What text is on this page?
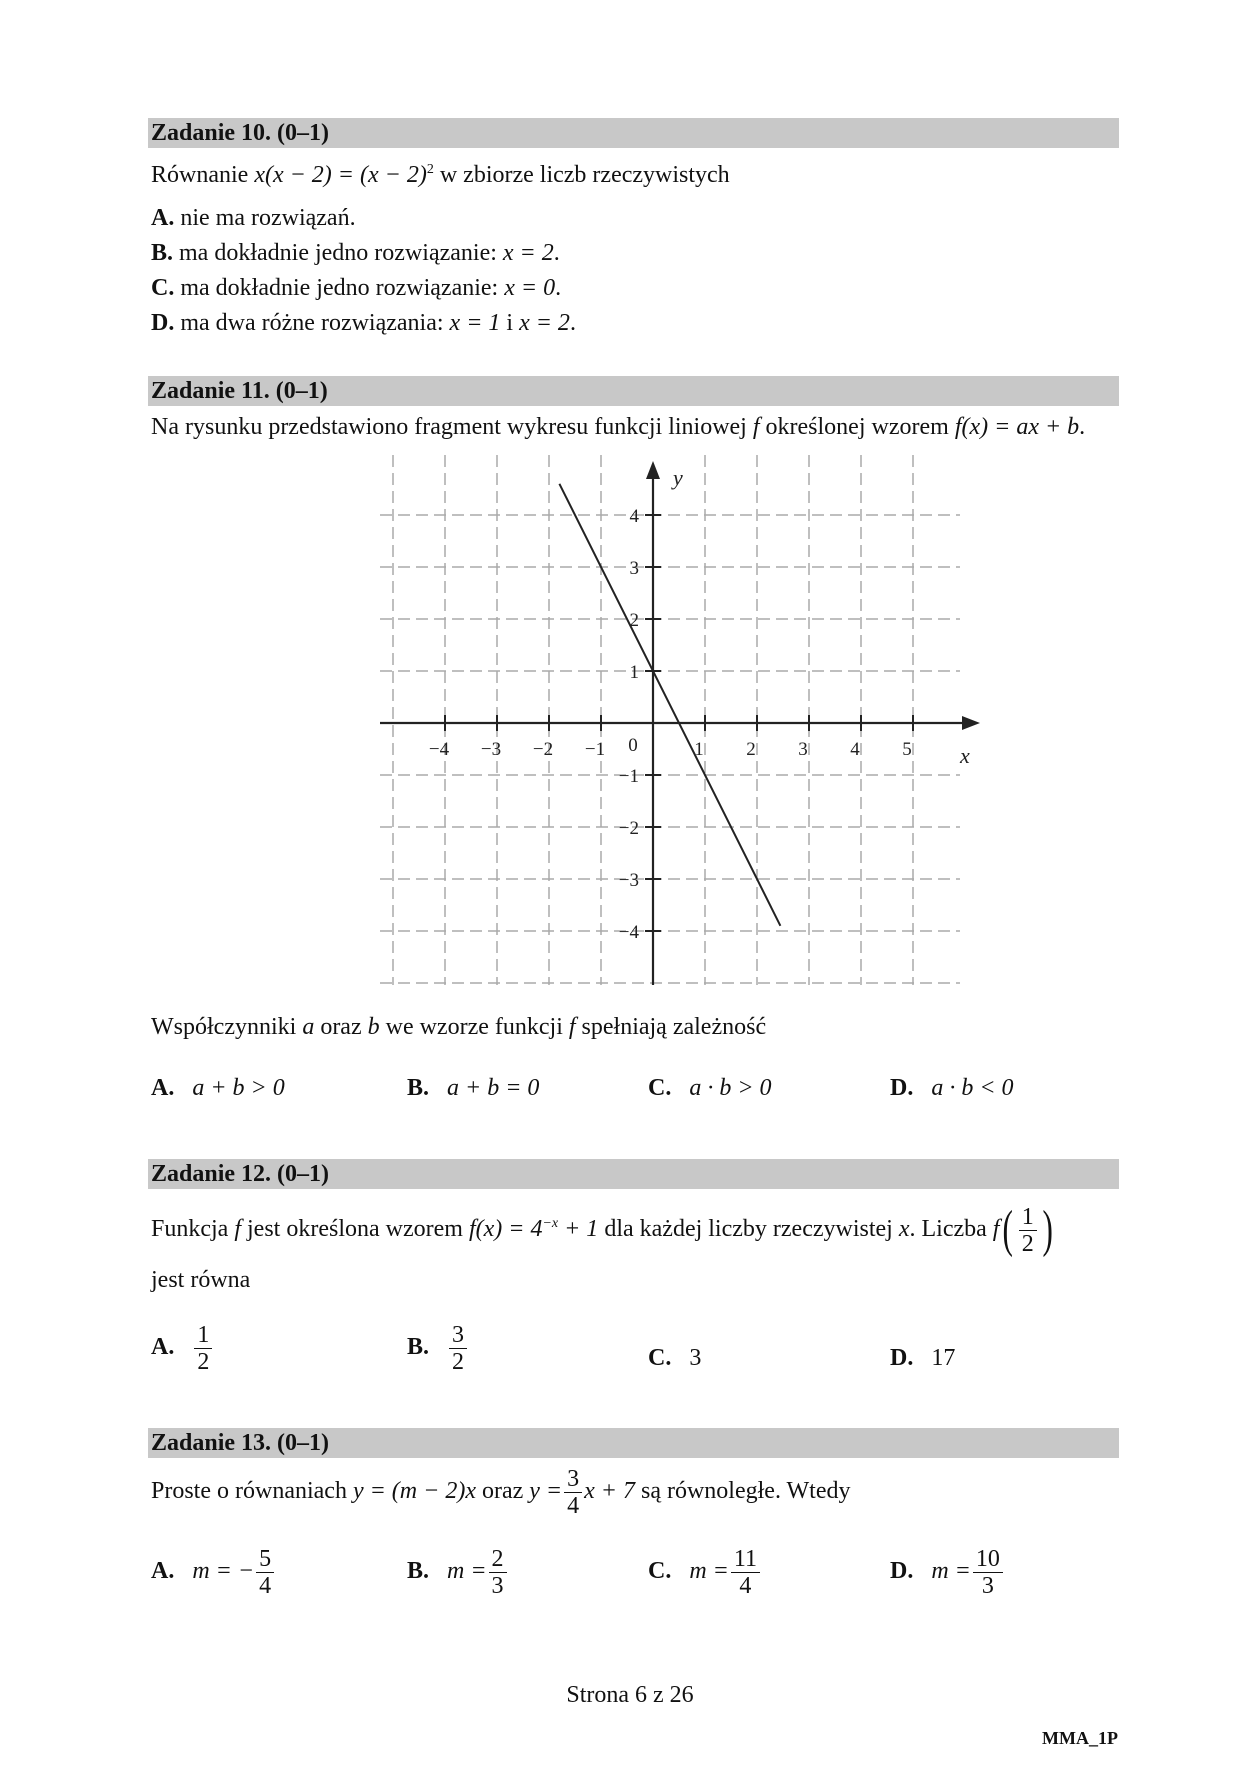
Zadanie 10. (0–1)
Równanie $x(x - 2) = (x - 2)^2$ w zbiorze liczb rzeczywistych
A. nie ma rozwiązań.
B. ma dokładnie jedno rozwiązanie: x = 2.
C. ma dokładnie jedno rozwiązanie: x = 0.
D. ma dwa różne rozwiązania: x = 1 i x = 2.
Zadanie 11. (0–1)
Na rysunku przedstawiono fragment wykresu funkcji liniowej f określonej wzorem f(x) = ax + b.
−4 −3 −2 −1	1 2 3 4 5
4
3
2
1
−1
−2
−3
−4
0	x
y
Współczynniki a oraz b we wzorze funkcji f spełniają zależność
A. a + b > 0	B. a + b = 0	C. a · b > 0	D. a · b < 0
Zadanie 12. (0–1)
Funkcja f jest określona wzorem $f(x) = 4^{-x} + 1$ dla każdej liczby rzeczywistej x. Liczba $f( \frac{1}{2}$ )
jest równa
A. $\frac{1}{2}$	B. $\frac{3}{2}$	C. 3	D. 17
Zadanie 13. (0–1)
Proste o równaniach y = (m − 2)x oraz $y = \frac{3}{4}$ x + 7 są równoległe. Wtedy
A. m = − $\frac{5}{4}$	B. $m = \frac{2}{3}$	C. $m = \frac{11}{4}$	D. $m = \frac{10}{3}$
Strona 6 z 26
MMA_1P
